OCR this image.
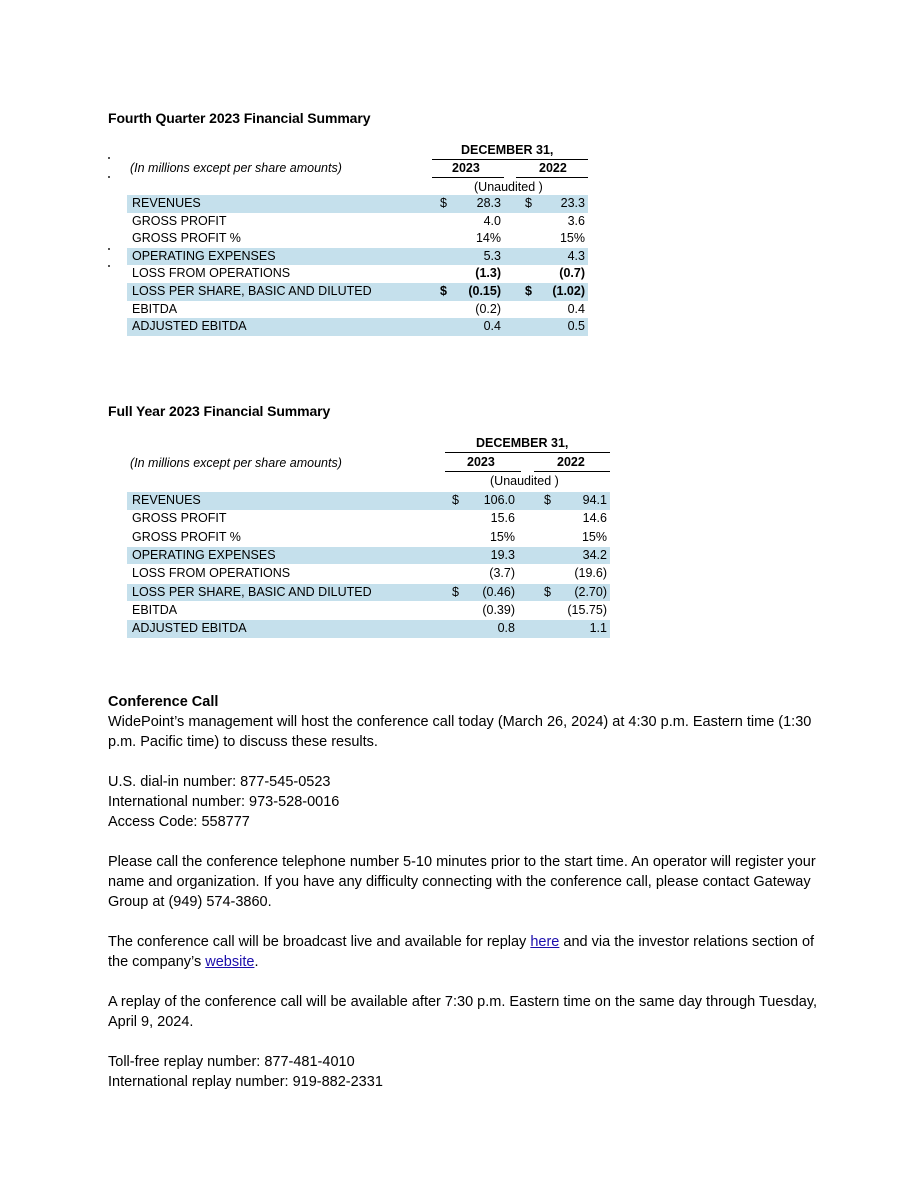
Fourth Quarter 2023 Financial Summary
DECEMBER 31,
(In millions except per share amounts)	2023	2022
(Unaudited )
REVENUES	$	28.3	$	23.3
GROSS PROFIT	4.0	3.6
GROSS PROFIT %	14%	15%
OPERATING EXPENSES	5.3	4.3
LOSS FROM OPERATIONS	(1.3)	(0.7)
LOSS PER SHARE, BASIC AND DILUTED	$	(0.15)	$	(1.02)
EBITDA	(0.2)	0.4
ADJUSTED EBITDA	0.4	0.5
Full Year 2023 Financial Summary
DECEMBER 31,
(In millions except per share amounts)	2023	2022
(Unaudited )
REVENUES	$	106.0	$	94.1
GROSS PROFIT	15.6	14.6
GROSS PROFIT %	15%	15%
OPERATING EXPENSES	19.3	34.2
LOSS FROM OPERATIONS	(3.7)	(19.6)
LOSS PER SHARE, BASIC AND DILUTED	$	(0.46)	$	(2.70)
EBITDA	(0.39)	(15.75)
ADJUSTED EBITDA	0.8	1.1

Conference Call

WidePoint’s management will host the conference call today (March 26, 2024) at 4:30 p.m. Eastern time (1:30 p.m. Pacific time) to discuss these results.

U.S. dial-in number: 877-545-0523

International number: 973-528-0016

Access Code: 558777

Please call the conference telephone number 5-10 minutes prior to the start time. An operator will register your name and organization. If you have any difficulty connecting with the conference call, please contact Gateway Group at (949) 574-3860.

The conference call will be broadcast live and available for replay here and via the investor relations section of the company’s website.

A replay of the conference call will be available after 7:30 p.m. Eastern time on the same day through Tuesday, April 9, 2024.

Toll-free replay number: 877-481-4010

International replay number: 919-882-2331
